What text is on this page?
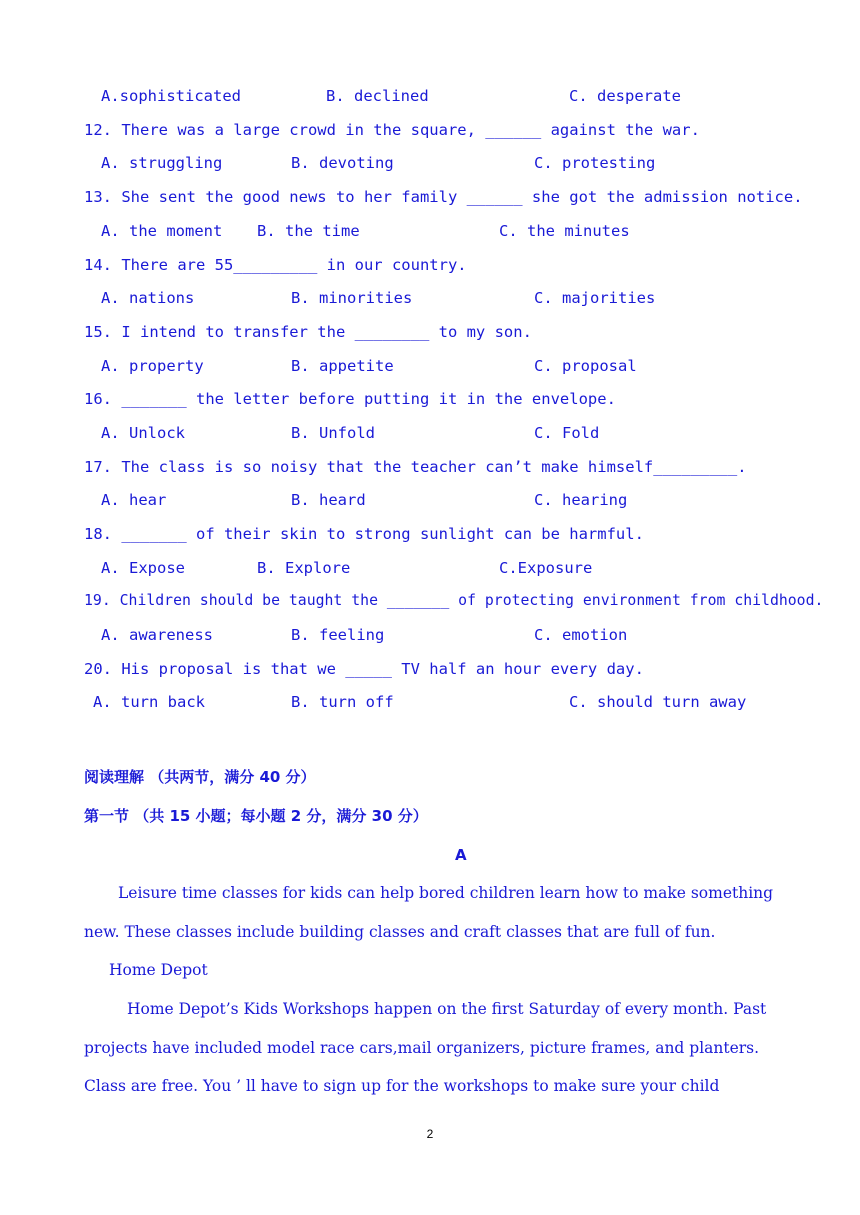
A.sophisticated	B. declined	C. desperate
12. There was a large crowd in the square, ______ against the war.
A. struggling	B. devoting	C. protesting
13. She sent the good news to her family ______ she got the admission notice.
A. the moment B. the time	C. the minutes
14. There are 55_________ in our country.
A. nations	B. minorities	C. majorities
15. I intend to transfer the ________ to my son.
A. property	B. appetite	C. proposal
16. _______ the letter before putting it in the envelope.
A. Unlock	B. Unfold	C. Fold
17. The class is so noisy that the teacher can’t make himself_________.
A. hear	B. heard	C. hearing
18. _______ of their skin to strong sunlight can be harmful.
A. Expose	B. Explore	C.Exposure
19. Children should be taught the _______ of protecting environment from childhood.
A. awareness	B. feeling	C. emotion
20. His proposal is that we _____ TV half an hour every day.
A. turn back	B. turn off	C. should turn away
阅读理解 （共两节，满分 40 分）
第一节 （共 15 小题；每小题 2 分，满分 30 分）
A
Leisure time classes for kids can help bored children learn how to make something
new. These classes include building classes and craft classes that are full of fun.
Home Depot
Home Depot’s Kids Workshops happen on the first Saturday of every month. Past
projects have included model race cars,mail organizers, picture frames, and planters.
Class are free. You ’ ll have to sign up for the workshops to make sure your child
2
